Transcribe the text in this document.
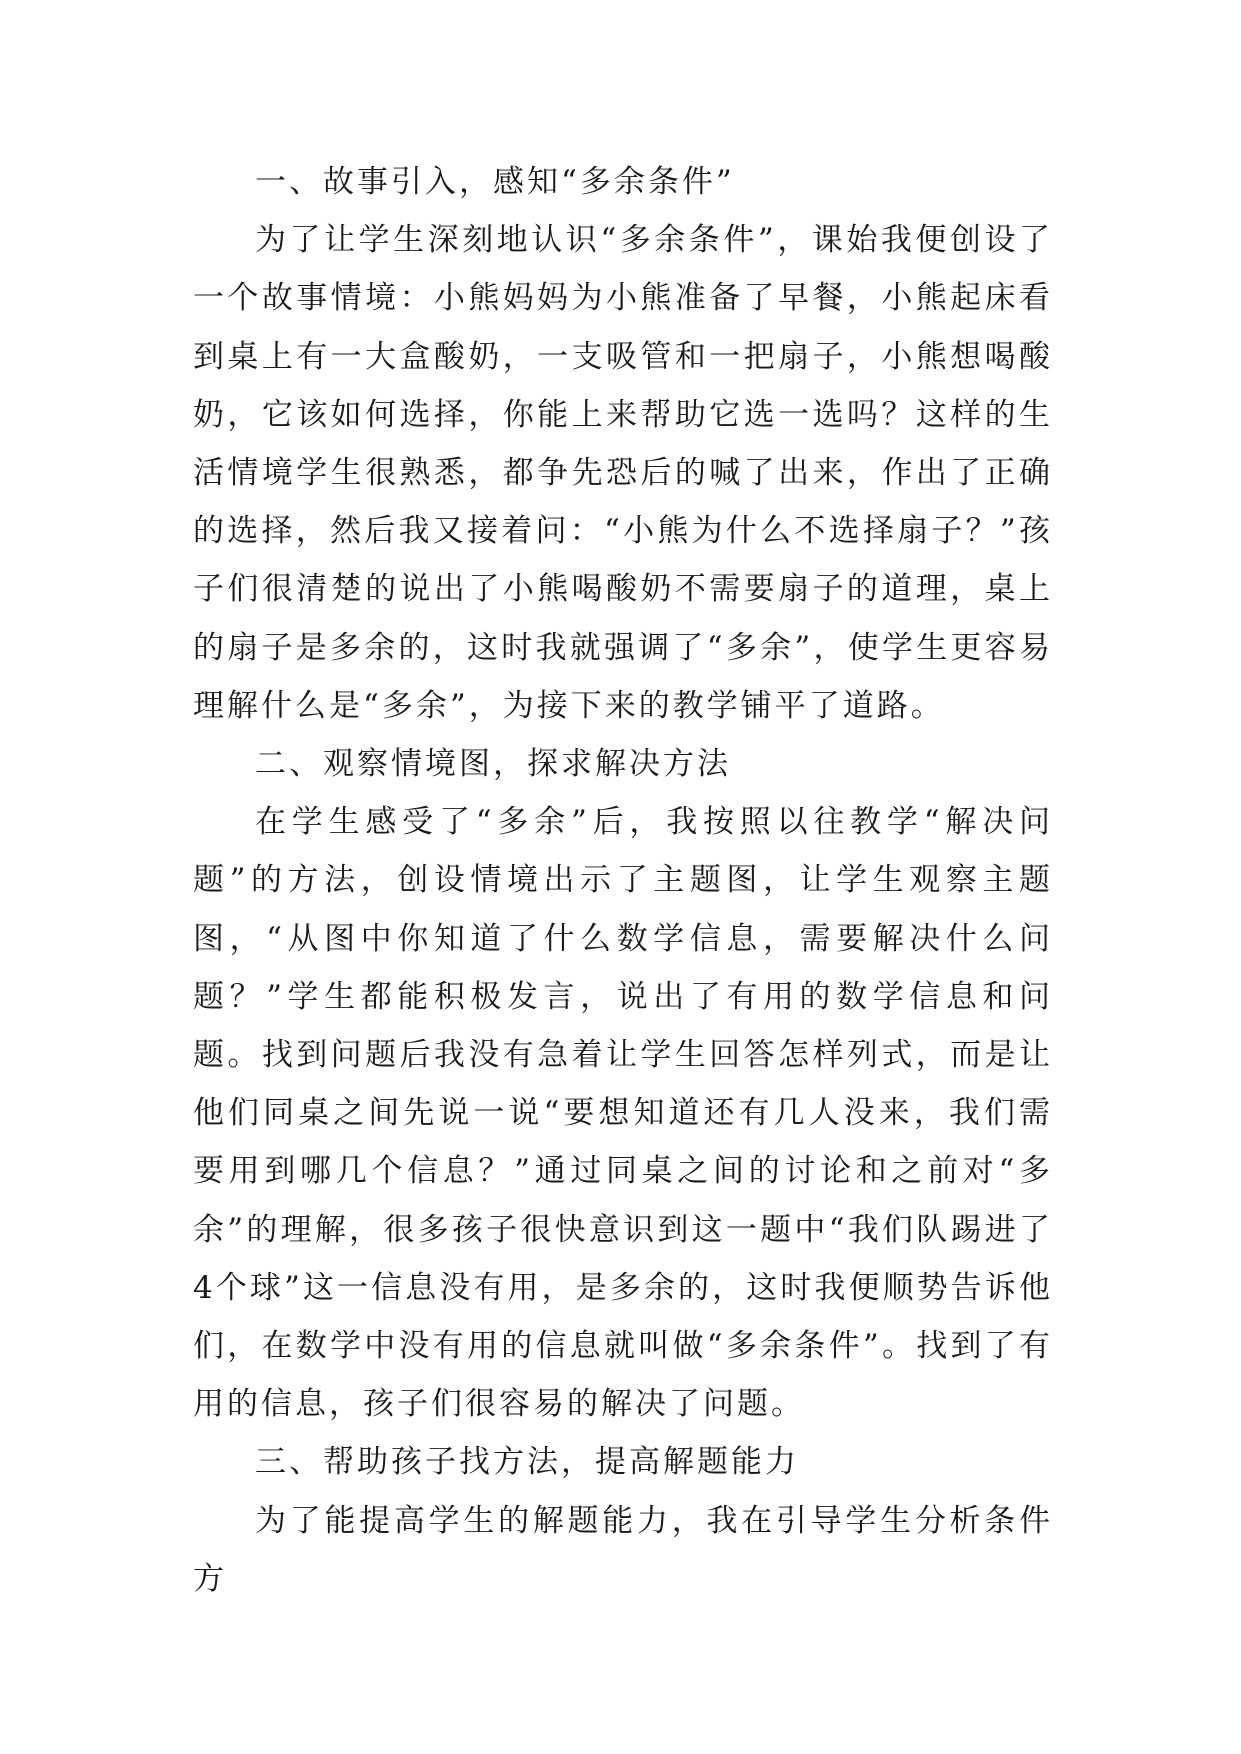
一、故事引入，感知“多余条件”

为了让学生深刻地认识“多余条件”，课始我便创设了一个故事情境：小熊妈妈为小熊准备了早餐，小熊起床看到桌上有一大盒酸奶，一支吸管和一把扇子，小熊想喝酸奶，它该如何选择，你能上来帮助它选一选吗？这样的生活情境学生很熟悉，都争先恐后的喊了出来，作出了正确的选择，然后我又接着问：“小熊为什么不选择扇子？”孩子们很清楚的说出了小熊喝酸奶不需要扇子的道理，桌上的扇子是多余的，这时我就强调了“多余”，使学生更容易理解什么是“多余”，为接下来的教学铺平了道路。

二、观察情境图，探求解决方法

在学生感受了“多余”后，我按照以往教学“解决问题”的方法，创设情境出示了主题图，让学生观察主题图，“从图中你知道了什么数学信息，需要解决什么问题？”学生都能积极发言，说出了有用的数学信息和问题。找到问题后我没有急着让学生回答怎样列式，而是让他们同桌之间先说一说“要想知道还有几人没来，我们需要用到哪几个信息？”通过同桌之间的讨论和之前对“多余”的理解，很多孩子很快意识到这一题中“我们队踢进了4个球”这一信息没有用，是多余的，这时我便顺势告诉他们，在数学中没有用的信息就叫做“多余条件”。找到了有用的信息，孩子们很容易的解决了问题。

三、帮助孩子找方法，提高解题能力

为了能提高学生的解题能力，我在引导学生分析条件方
